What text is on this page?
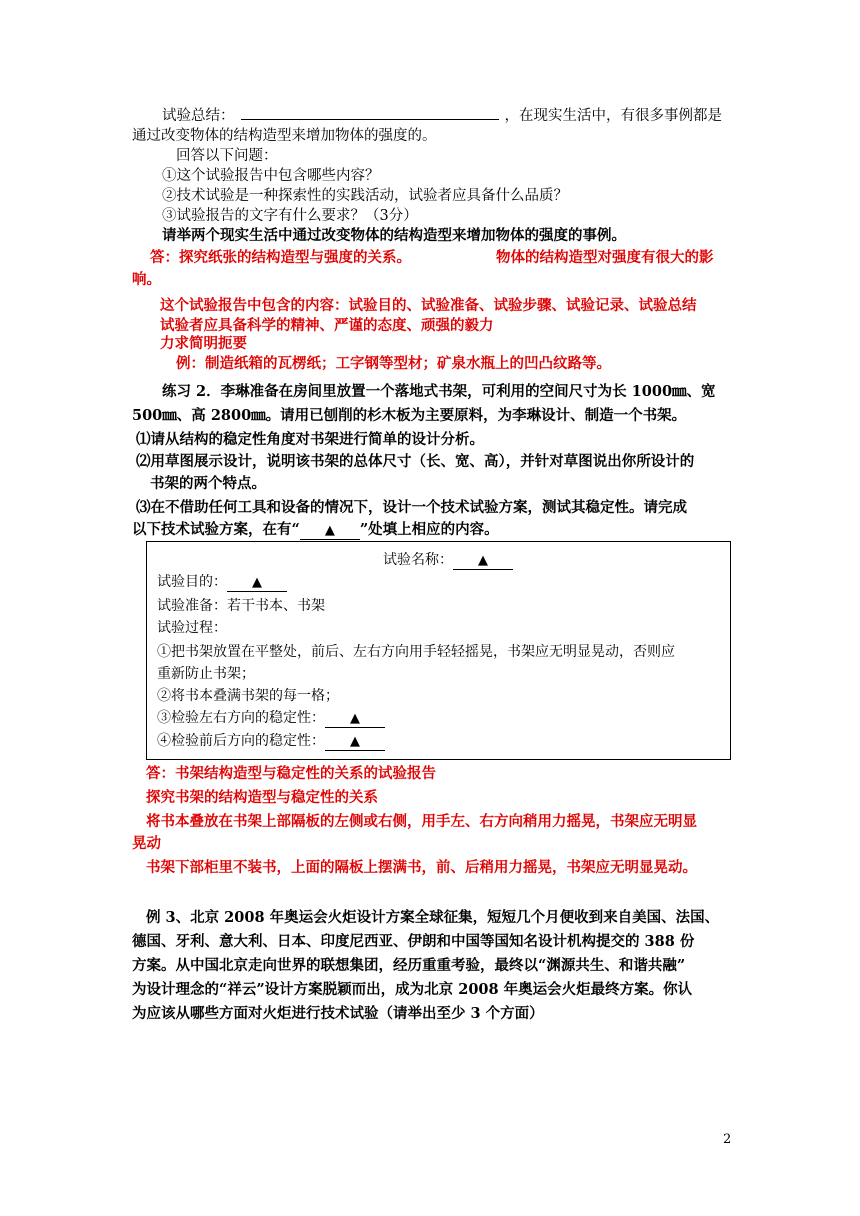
试验总结：	，在现实生活中，有很多事例都是
通过改变物体的结构造型来增加物体的强度的。
回答以下问题：
①这个试验报告中包含哪些内容？
②技术试验是一种探索性的实践活动，试验者应具备什么品质？
③试验报告的文字有什么要求？（3分）
请举两个现实生活中通过改变物体的结构造型来增加物体的强度的事例。
答：探究纸张的结构造型与强度的关系。	物体的结构造型对强度有很大的影
响。
这个试验报告中包含的内容：试验目的、试验准备、试验步骤、试验记录、试验总结
试验者应具备科学的精神、严谨的态度、顽强的毅力
力求简明扼要
例：制造纸箱的瓦楞纸；工字钢等型材；矿泉水瓶上的凹凸纹路等。
练习 2．李琳准备在房间里放置一个落地式书架，可利用的空间尺寸为长 1000㎜、宽
500㎜、高 2800㎜。请用已刨削的杉木板为主要原料，为李琳设计、制造一个书架。
⑴请从结构的稳定性角度对书架进行简单的设计分析。
⑵用草图展示设计，说明该书架的总体尺寸（长、宽、高），并针对草图说出你所设计的
书架的两个特点。
⑶在不借助任何工具和设备的情况下，设计一个技术试验方案，测试其稳定性。请完成
以下技术试验方案，在有“ ▲ ”处填上相应的内容。
试验名称： ▲
试验目的： ▲
试验准备：若干书本、书架
试验过程：
①把书架放置在平整处，前后、左右方向用手轻轻摇晃，书架应无明显晃动，否则应
重新防止书架；
②将书本叠满书架的每一格；
③检验左右方向的稳定性： ▲
④检验前后方向的稳定性： ▲
答：书架结构造型与稳定性的关系的试验报告
探究书架的结构造型与稳定性的关系
将书本叠放在书架上部隔板的左侧或右侧，用手左、右方向稍用力摇晃，书架应无明显
晃动
书架下部柜里不装书，上面的隔板上摆满书，前、后稍用力摇晃，书架应无明显晃动。
例 3、北京 2008 年奥运会火炬设计方案全球征集，短短几个月便收到来自美国、法国、
德国、牙利、意大利、日本、印度尼西亚、伊朗和中国等国知名设计机构提交的 388 份
方案。从中国北京走向世界的联想集团，经历重重考验，最终以“渊源共生、和谐共融”
为设计理念的“祥云”设计方案脱颖而出，成为北京 2008 年奥运会火炬最终方案。你认
为应该从哪些方面对火炬进行技术试验（请举出至少 3 个方面）
2
